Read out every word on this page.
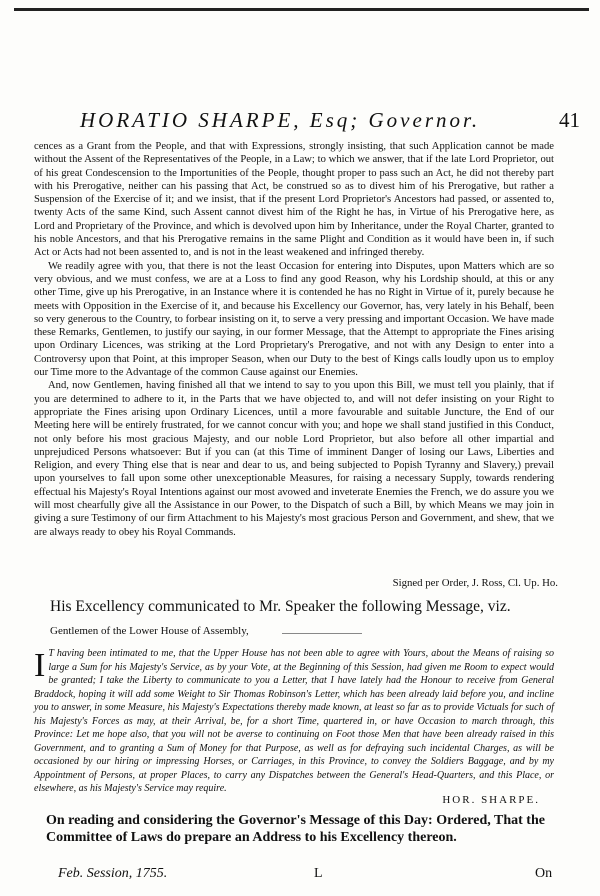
HORATIO SHARPE, Esq; Governor.	41

cences as a Grant from the People, and that with Expressions, strongly insisting, that such Application cannot be made without the Assent of the Representatives of the People, in a Law; to which we answer, that if the late Lord Proprietor, out of his great Condescension to the Importunities of the People, thought proper to pass such an Act, he did not thereby part with his Prerogative, neither can his passing that Act, be construed so as to divest him of his Prerogative, but rather a Suspension of the Exercise of it; and we insist, that if the present Lord Proprietor's Ancestors had passed, or assented to, twenty Acts of the same Kind, such Assent cannot divest him of the Right he has, in Virtue of his Prerogative here, as Lord and Proprietary of the Province, and which is devolved upon him by Inheritance, under the Royal Charter, granted to his noble Ancestors, and that his Prerogative remains in the same Plight and Condition as it would have been in, if such Act or Acts had not been assented to, and is not in the least weakened and infringed thereby.

We readily agree with you, that there is not the least Occasion for entering into Disputes, upon Matters which are so very obvious, and we must confess, we are at a Loss to find any good Reason, why his Lordship should, at this or any other Time, give up his Prerogative, in an Instance where it is contended he has no Right in Virtue of it, purely because he meets with Opposition in the Exercise of it, and because his Excellency our Governor, has, very lately in his Behalf, been so very generous to the Country, to forbear insisting on it, to serve a very pressing and important Occasion. We have made these Remarks, Gentlemen, to justify our saying, in our former Message, that the Attempt to appropriate the Fines arising upon Ordinary Licences, was striking at the Lord Proprietary's Prerogative, and not with any Design to enter into a Controversy upon that Point, at this improper Season, when our Duty to the best of Kings calls loudly upon us to employ our Time more to the Advantage of the common Cause against our Enemies.

And, now Gentlemen, having finished all that we intend to say to you upon this Bill, we must tell you plainly, that if you are determined to adhere to it, in the Parts that we have objected to, and will not defer insisting on your Right to appropriate the Fines arising upon Ordinary Licences, until a more favourable and suitable Juncture, the End of our Meeting here will be entirely frustrated, for we cannot concur with you; and hope we shall stand justified in this Conduct, not only before his most gracious Majesty, and our noble Lord Proprietor, but also before all other impartial and unprejudiced Persons whatsoever: But if you can (at this Time of imminent Danger of losing our Laws, Liberties and Religion, and every Thing else that is near and dear to us, and being subjected to Popish Tyranny and Slavery,) prevail upon yourselves to fall upon some other unexceptionable Measures, for raising a necessary Supply, towards rendering effectual his Majesty's Royal Intentions against our most avowed and inveterate Enemies the French, we do assure you we will most chearfully give all the Assistance in our Power, to the Dispatch of such a Bill, by which Means we may join in giving a sure Testimony of our firm Attachment to his Majesty's most gracious Person and Government, and shew, that we are always ready to obey his Royal Commands.

Signed per Order, J. Ross, Cl. Up. Ho.
His Excellency communicated to Mr. Speaker the following Message, viz.
Gentlemen of the Lower House of Assembly,

I T having been intimated to me, that the Upper House has not been able to agree with Yours, about the Means of raising so large a Sum for his Majesty's Service, as by your Vote, at the Beginning of this Session, had given me Room to expect would be granted; I take the Liberty to communicate to you a Letter, that I have lately had the Honour to receive from General Braddock, hoping it will add some Weight to Sir Thomas Robinson's Letter, which has been already laid before you, and incline you to answer, in some Measure, his Majesty's Expectations thereby made known, at least so far as to provide Victuals for such of his Majesty's Forces as may, at their Arrival, be, for a short Time, quartered in, or have Occasion to march through, this Province: Let me hope also, that you will not be averse to continuing on Foot those Men that have been already raised in this Government, and to granting a Sum of Money for that Purpose, as well as for defraying such incidental Charges, as will be occasioned by our hiring or impressing Horses, or Carriages, in this Province, to convey the Soldiers Baggage, and by my Appointment of Persons, at proper Places, to carry any Dispatches between the General's Head-Quarters, and this Place, or elsewhere, as his Majesty's Service may require.

HOR. SHARPE.
On reading and considering the Governor's Message of this Day: Ordered, That the Committee of Laws do prepare an Address to his Excellency thereon.
Feb. Session, 1755.	L	On
